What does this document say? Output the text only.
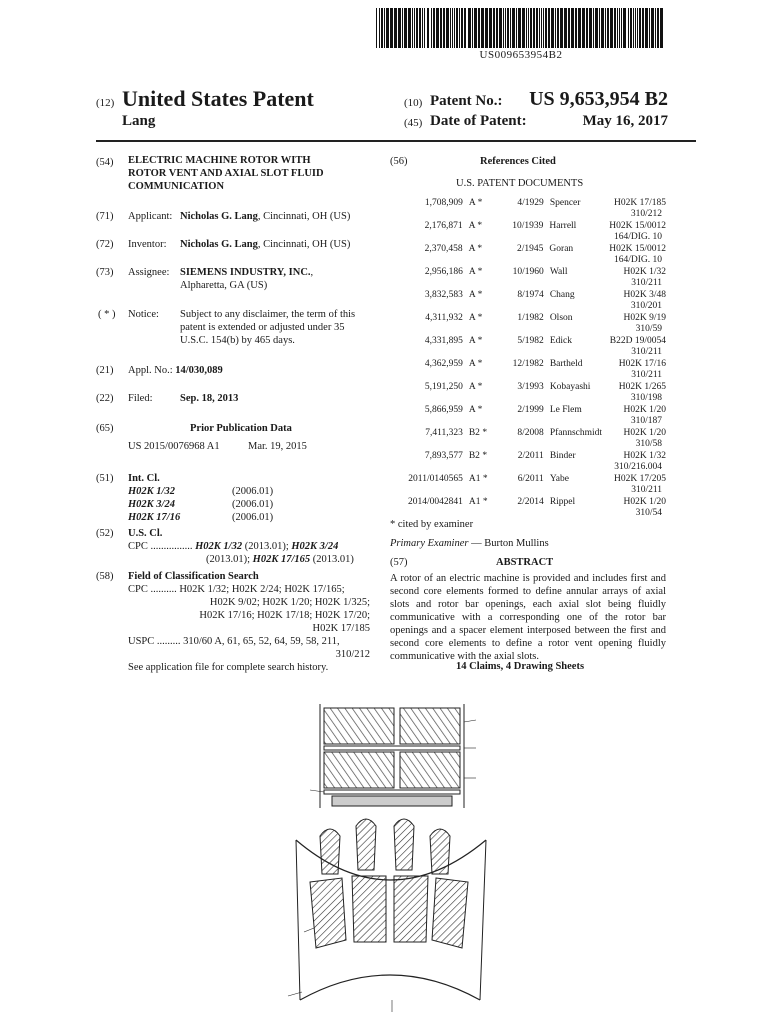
US009653954B2
(12) United States Patent
Lang
(10) Patent No.: US 9,653,954 B2
(45) Date of Patent:	May 16, 2017
(54) ELECTRIC MACHINE ROTOR WITH
ROTOR VENT AND AXIAL SLOT FLUID
COMMUNICATION
(71) Applicant: Nicholas G. Lang, Cincinnati, OH (US)
(72) Inventor: Nicholas G. Lang, Cincinnati, OH (US)
(73) Assignee: SIEMENS INDUSTRY, INC.,
Alpharetta, GA (US)
( * ) Notice: Subject to any disclaimer, the term of this
patent is extended or adjusted under 35
U.S.C. 154(b) by 465 days.
(21) Appl. No.: 14/030,089
(22) Filed:	Sep. 18, 2013
(65)	Prior Publication Data
US 2015/0076968 A1	Mar. 19, 2015
(51) Int. Cl.
H02K 1/32	(2006.01)
H02K 3/24	(2006.01)
H02K 17/16	(2006.01)
(52) U.S. Cl.
CPC ................ H02K 1/32 (2013.01); H02K 3/24
(2013.01); H02K 17/165 (2013.01)
(58) Field of Classification Search
CPC .......... H02K 1/32; H02K 2/24; H02K 17/165;
H02K 9/02; H02K 1/20; H02K 1/325;
H02K 17/16; H02K 17/18; H02K 17/20;
H02K 17/185
USPC ......... 310/60 A, 61, 65, 52, 64, 59, 58, 211,
310/212
See application file for complete search history.
(56)	References Cited
U.S. PATENT DOCUMENTS
1,708,909 A *	4/1929 Spencer	H02K 17/185
310/212
2,176,871 A *	10/1939 Harrell	H02K 15/0012
164/DIG. 10
2,370,458 A *	2/1945 Goran	H02K 15/0012
164/DIG. 10
2,956,186 A *	10/1960 Wall	H02K 1/32
310/211
3,832,583 A *	8/1974 Chang	H02K 3/48
310/201
4,311,932 A *	1/1982 Olson	H02K 9/19
310/59
4,331,895 A *	5/1982 Edick	B22D 19/0054
310/211
4,362,959 A *	12/1982 Bartheld	H02K 17/16
310/211
5,191,250 A *	3/1993 Kobayashi	H02K 1/265
310/198
5,866,959 A *	2/1999 Le Flem	H02K 1/20
310/187
7,411,323 B2 *	8/2008 Pfannschmidt	H02K 1/20
310/58
7,893,577 B2 *	2/2011 Binder	H02K 1/32
310/216.004
2011/0140565 A1 *	6/2011 Yabe	H02K 17/205
310/211
2014/0042841 A1 *	2/2014 Rippel	H02K 1/20
310/54
* cited by examiner
Primary Examiner — Burton Mullins
(57)	ABSTRACT
A rotor of an electric machine is provided and includes first and second core elements formed to define annular arrays of axial slots and rotor bar openings, each axial slot being fluidly communicative with a corresponding one of the rotor bar openings and a spacer element interposed between the first and second core elements to define a rotor vent opening fluidly communicative with the axial slots.
14 Claims, 4 Drawing Sheets
